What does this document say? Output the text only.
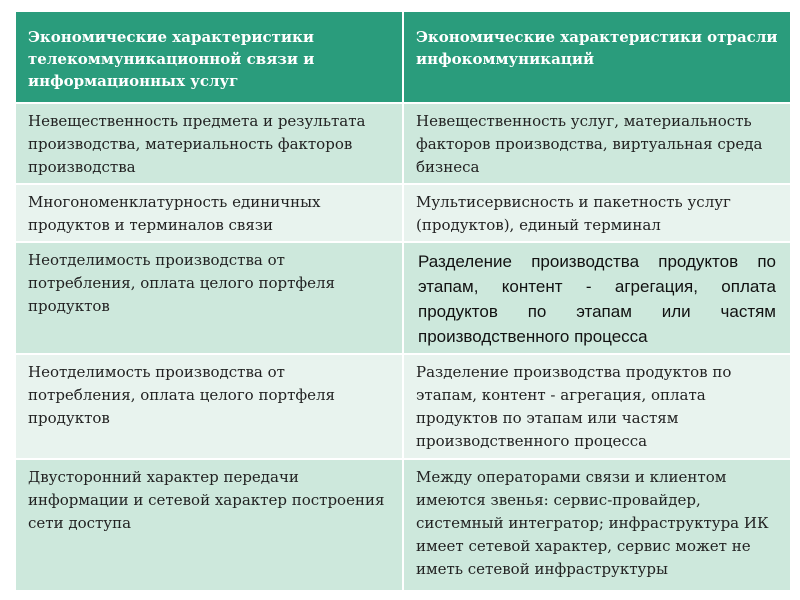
Экономические характеристики телекоммуникационной связи и информационных услуг	Экономические характеристики отрасли инфокоммуникаций
Невещественность предмета и результата производства, материальность факторов производства	Невещественность услуг, материальность факторов производства, виртуальная среда бизнеса
Многономенклатурность единичных продуктов и терминалов связи	Мультисервисность и пакетность услуг (продуктов), единый терминал
Неотделимость производства от потребления, оплата целого портфеля продуктов	Разделение производства продуктов по этапам, контент - агрегация, оплата продуктов по этапам или частям производственного процесса
Неотделимость производства от потребления, оплата целого портфеля продуктов	Разделение производства продуктов по этапам, контент - агрегация, оплата продуктов по этапам или частям производственного процесса
Двусторонний характер передачи информации и сетевой характер построения сети доступа	Между операторами связи и клиентом имеются звенья: сервис-провайдер, системный интегратор; инфраструктура ИК имеет сетевой характер, сервис может не иметь сетевой инфраструктуры
